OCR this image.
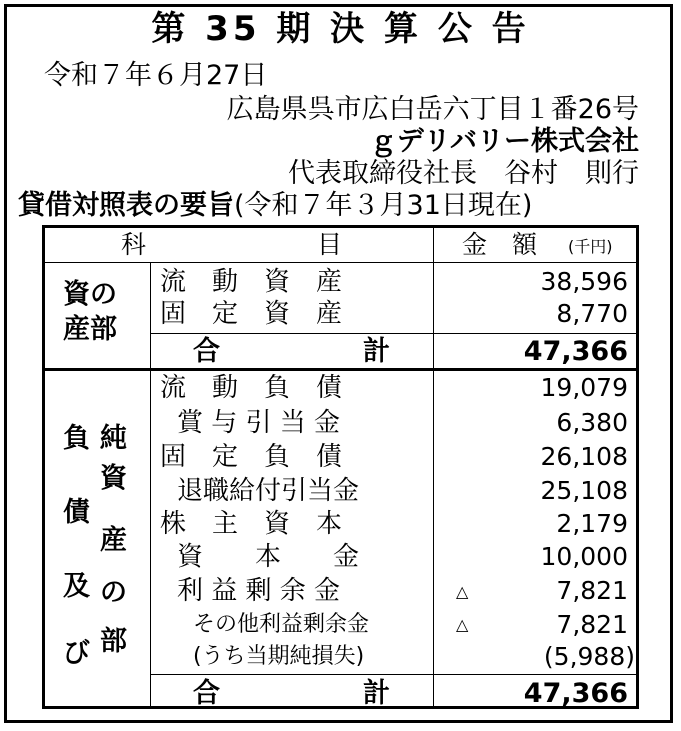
第 35 期 決 算 公 告
令和７年６月27日
広島県呉市広白岳六丁目１番26号
ｇデリバリー株式会社
代表取締役社長　谷村　則行
貸借対照表の要旨(令和７年３月31日現在)
科	目	金　額 (千円)
資の
産部
流　動　資　産	38,596
固　定　資　産	8,770
合	計	47,366
負
債
及
び
純
資
産
の
部
流　動　負　債	19,079
賞 与 引 当 金	6,380
固　定　負　債	26,108
退職給付引当金	25,108
株　主　資　本	2,179
資　　本　　金	10,000
利 益 剰 余 金	△	7,821
その他利益剰余金	△	7,821
(うち当期純損失)	(5,988)
合	計	47,366
